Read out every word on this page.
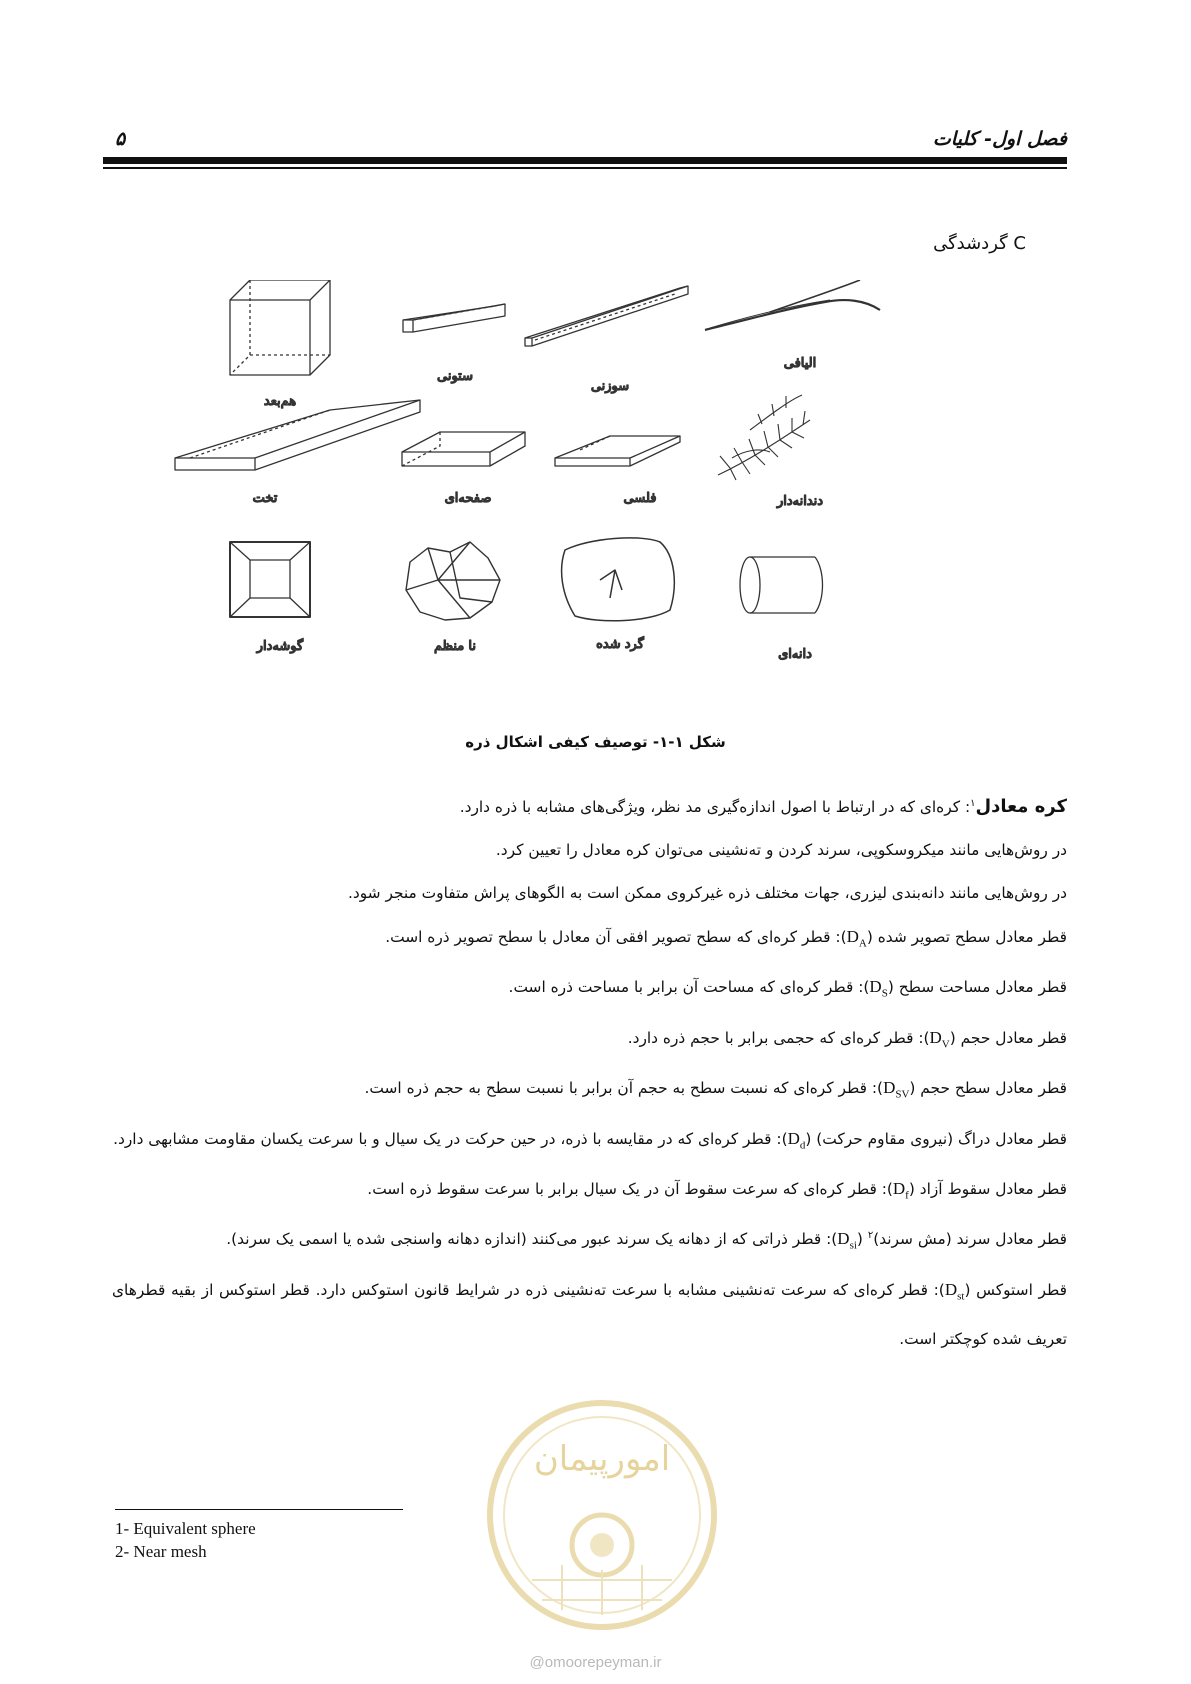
۵	فصل اول- کلیات
C گردشدگی
هم‌بعد
ستونی
سوزنی
الیافی
تخت	صفحه‌ای	فلسی	دندانه‌دار
گوشه‌دار	نا منظم	گرد شده
دانه‌ای
شکل ۱-۱- توصیف کیفی اشکال ذره

کره معادل$^۱$: کره‌ای که در ارتباط با اصول اندازه‌گیری مد نظر، ویژگی‌های مشابه با ذره دارد.

در روش‌هایی مانند میکروسکوپی، سرند کردن و ته‌نشینی می‌توان کره معادل را تعیین کرد.

در روش‌هایی مانند دانه‌بندی لیزری، جهات مختلف ذره غیرکروی ممکن است به الگوهای پراش متفاوت منجر شود.

قطر معادل سطح تصویر شده $(D_A)$: قطر کره‌ای که سطح تصویر افقی آن معادل با سطح تصویر ذره است.

قطر معادل مساحت سطح $(D_S)$: قطر کره‌ای که مساحت آن برابر با مساحت ذره است.

قطر معادل حجم $(D_V)$: قطر کره‌ای که حجمی برابر با حجم ذره دارد.

قطر معادل سطح حجم $(D_{SV})$: قطر کره‌ای که نسبت سطح به حجم آن برابر با نسبت سطح به حجم ذره است.

قطر معادل دراگ (نیروی مقاوم حرکت) $(D_d)$: قطر کره‌ای که در مقایسه با ذره، در حین حرکت در یک سیال و با سرعت یکسان مقاومت مشابهی دارد.

قطر معادل سقوط آزاد $(D_f)$: قطر کره‌ای که سرعت سقوط آن در یک سیال برابر با سرعت سقوط ذره است.

قطر معادل سرند (مش سرند)$^۲$ $(D_{si})$: قطر ذراتی که از دهانه یک سرند عبور می‌کنند (اندازه دهانه واسنجی شده یا اسمی یک سرند).

قطر استوکس $(D_{st})$: قطر کره‌ای که سرعت ته‌نشینی مشابه با سرعت ته‌نشینی ذره در شرایط قانون استوکس دارد. قطر استوکس از بقیه قطرهای تعریف شده کوچکتر است.

امورپیمان
@omoorepeyman.ir
1- Equivalent sphere
2- Near mesh
